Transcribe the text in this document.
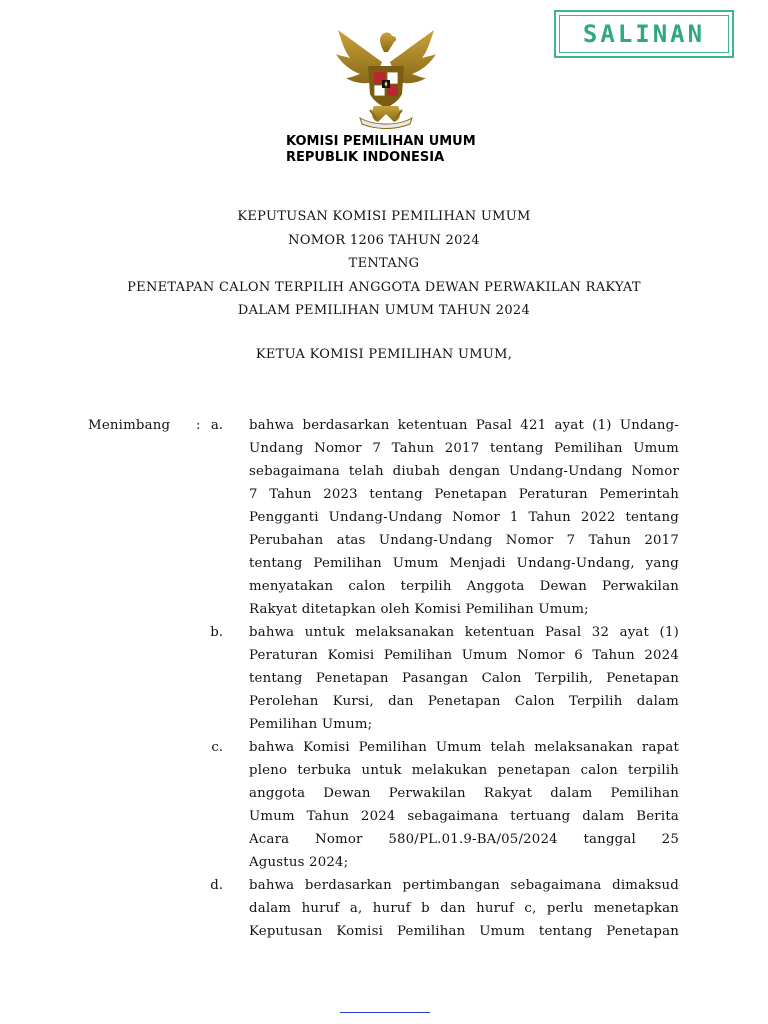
SALINAN
KOMISI PEMILIHAN UMUM
REPUBLIK INDONESIA
KEPUTUSAN KOMISI PEMILIHAN UMUM
NOMOR 1206 TAHUN 2024
TENTANG
PENETAPAN CALON TERPILIH ANGGOTA DEWAN PERWAKILAN RAKYAT
DALAM PEMILIHAN UMUM TAHUN 2024
KETUA KOMISI PEMILIHAN UMUM,
Menimbang : a. bahwa berdasarkan ketentuan Pasal 421 ayat (1) Undang-
Undang Nomor 7 Tahun 2017 tentang Pemilihan Umum
sebagaimana telah diubah dengan Undang-Undang Nomor
7 Tahun 2023 tentang Penetapan Peraturan Pemerintah
Pengganti Undang-Undang Nomor 1 Tahun 2022 tentang
Perubahan atas Undang-Undang Nomor 7 Tahun 2017
tentang Pemilihan Umum Menjadi Undang-Undang, yang
menyatakan calon terpilih Anggota Dewan Perwakilan
Rakyat ditetapkan oleh Komisi Pemilihan Umum;
b. bahwa untuk melaksanakan ketentuan Pasal 32 ayat (1)
Peraturan Komisi Pemilihan Umum Nomor 6 Tahun 2024
tentang Penetapan Pasangan Calon Terpilih, Penetapan
Perolehan Kursi, dan Penetapan Calon Terpilih dalam
Pemilihan Umum;
c. bahwa Komisi Pemilihan Umum telah melaksanakan rapat
pleno terbuka untuk melakukan penetapan calon terpilih
anggota Dewan Perwakilan Rakyat dalam Pemilihan
Umum Tahun 2024 sebagaimana tertuang dalam Berita
Acara Nomor 580/PL.01.9-BA/05/2024 tanggal 25
Agustus 2024;
d. bahwa berdasarkan pertimbangan sebagaimana dimaksud
dalam huruf a, huruf b dan huruf c, perlu menetapkan
Keputusan Komisi Pemilihan Umum tentang Penetapan
